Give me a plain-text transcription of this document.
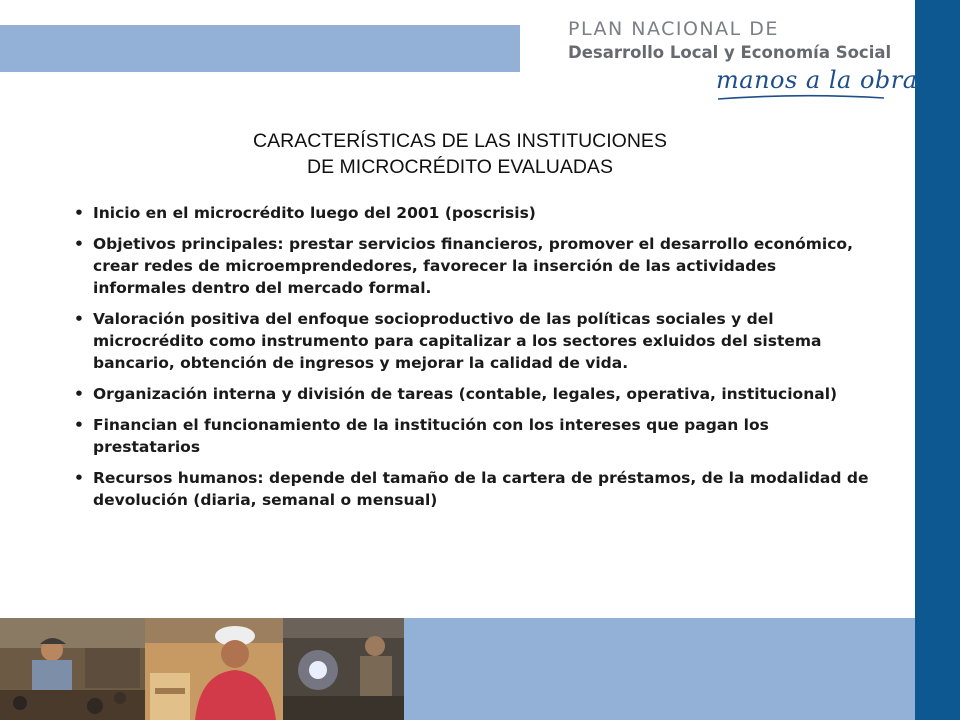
PLAN NACIONAL DE
Desarrollo Local y Economía Social
manos a la obra
CARACTERÍSTICAS DE LAS INSTITUCIONES
DE MICROCRÉDITO EVALUADAS
• Inicio en el microcrédito luego del 2001 (poscrisis)
• Objetivos principales: prestar servicios financieros, promover el desarrollo económico, crear redes de microemprendedores, favorecer la inserción de las actividades informales dentro del mercado formal.
• Valoración positiva del enfoque socioproductivo de las políticas sociales y del microcrédito como instrumento para capitalizar a los sectores exluidos del sistema bancario, obtención de ingresos y mejorar la calidad de vida.
• Organización interna y división de tareas (contable, legales, operativa, institucional)
• Financian el funcionamiento de la institución con los intereses que pagan los prestatarios
• Recursos humanos: depende del tamaño de la cartera de préstamos, de la modalidad de devolución (diaria, semanal o mensual)
